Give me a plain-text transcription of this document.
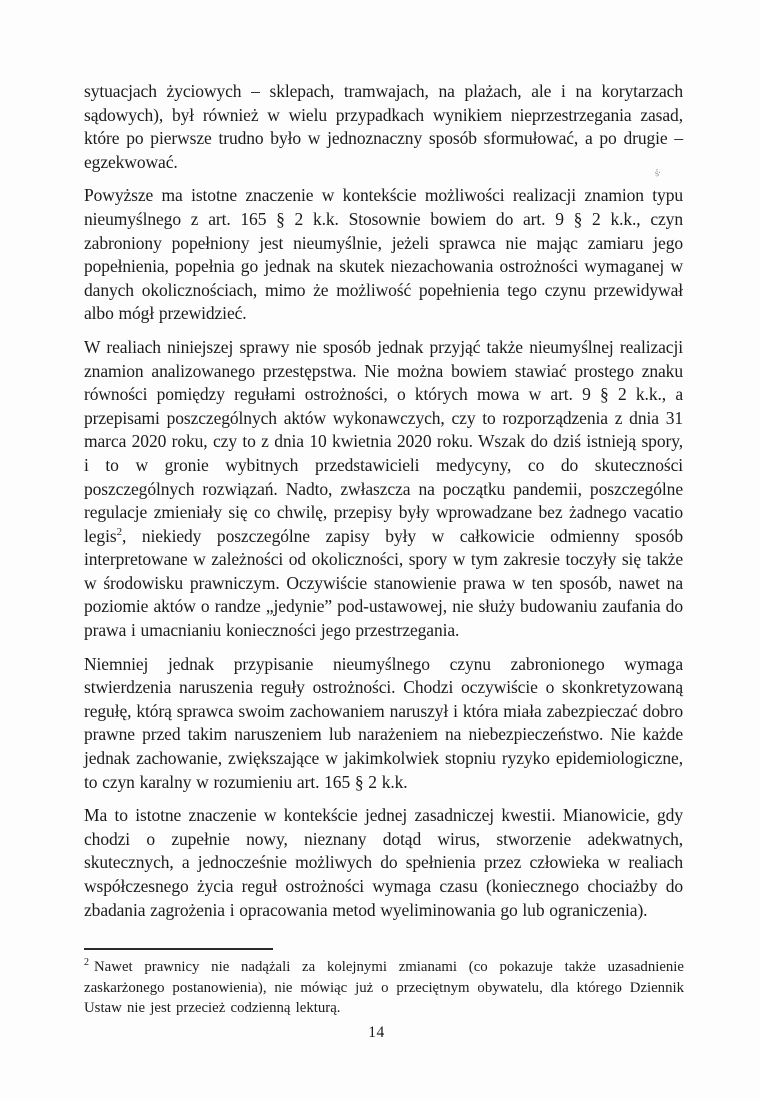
sytuacjach życiowych – sklepach, tramwajach, na plażach, ale i na korytarzach sądowych), był również w wielu przypadkach wynikiem nieprzestrzegania zasad, które po pierwsze trudno było w jednoznaczny sposób sformułować, a po drugie – egzekwować.

Powyższe ma istotne znaczenie w kontekście możliwości realizacji znamion typu nieumyślnego z art. 165 § 2 k.k. Stosownie bowiem do art. 9 § 2 k.k., czyn zabroniony popełniony jest nieumyślnie, jeżeli sprawca nie mając zamiaru jego popełnienia, popełnia go jednak na skutek niezachowania ostrożności wymaganej w danych okolicznościach, mimo że możliwość popełnienia tego czynu przewidywał albo mógł przewidzieć.

W realiach niniejszej sprawy nie sposób jednak przyjąć także nieumyślnej realizacji znamion analizowanego przestępstwa. Nie można bowiem stawiać prostego znaku równości pomiędzy regułami ostrożności, o których mowa w art. 9 § 2 k.k., a przepisami poszczególnych aktów wykonawczych, czy to rozporządzenia z dnia 31 marca 2020 roku, czy to z dnia 10 kwietnia 2020 roku. Wszak do dziś istnieją spory, i to w gronie wybitnych przedstawicieli medycyny, co do skuteczności poszczególnych rozwiązań. Nadto, zwłaszcza na początku pandemii, poszczególne regulacje zmieniały się co chwilę, przepisy były wprowadzane bez żadnego vacatio legis$^2$, niekiedy poszczególne zapisy były w całkowicie odmienny sposób interpretowane w zależności od okoliczności, spory w tym zakresie toczyły się także w środowisku prawniczym. Oczywiście stanowienie prawa w ten sposób, nawet na poziomie aktów o randze „jedynie” pod-ustawowej, nie służy budowaniu zaufania do prawa i umacnianiu konieczności jego przestrzegania.

Niemniej jednak przypisanie nieumyślnego czynu zabronionego wymaga stwierdzenia naruszenia reguły ostrożności. Chodzi oczywiście o skonkretyzowaną regułę, którą sprawca swoim zachowaniem naruszył i która miała zabezpieczać dobro prawne przed takim naruszeniem lub narażeniem na niebezpieczeństwo. Nie każde jednak zachowanie, zwiększające w jakimkolwiek stopniu ryzyko epidemiologiczne, to czyn karalny w rozumieniu art. 165 § 2 k.k.

Ma to istotne znaczenie w kontekście jednej zasadniczej kwestii. Mianowicie, gdy chodzi o zupełnie nowy, nieznany dotąd wirus, stworzenie adekwatnych, skutecznych, a jednocześnie możliwych do spełnienia przez człowieka w realiach współczesnego życia reguł ostrożności wymaga czasu (koniecznego chociażby do zbadania zagrożenia i opracowania metod wyeliminowania go lub ograniczenia).

ś·

$^2$ Nawet prawnicy nie nadążali za kolejnymi zmianami (co pokazuje także uzasadnienie zaskarżonego postanowienia), nie mówiąc już o przeciętnym obywatelu, dla którego Dziennik Ustaw nie jest przecież codzienną lekturą.

14
